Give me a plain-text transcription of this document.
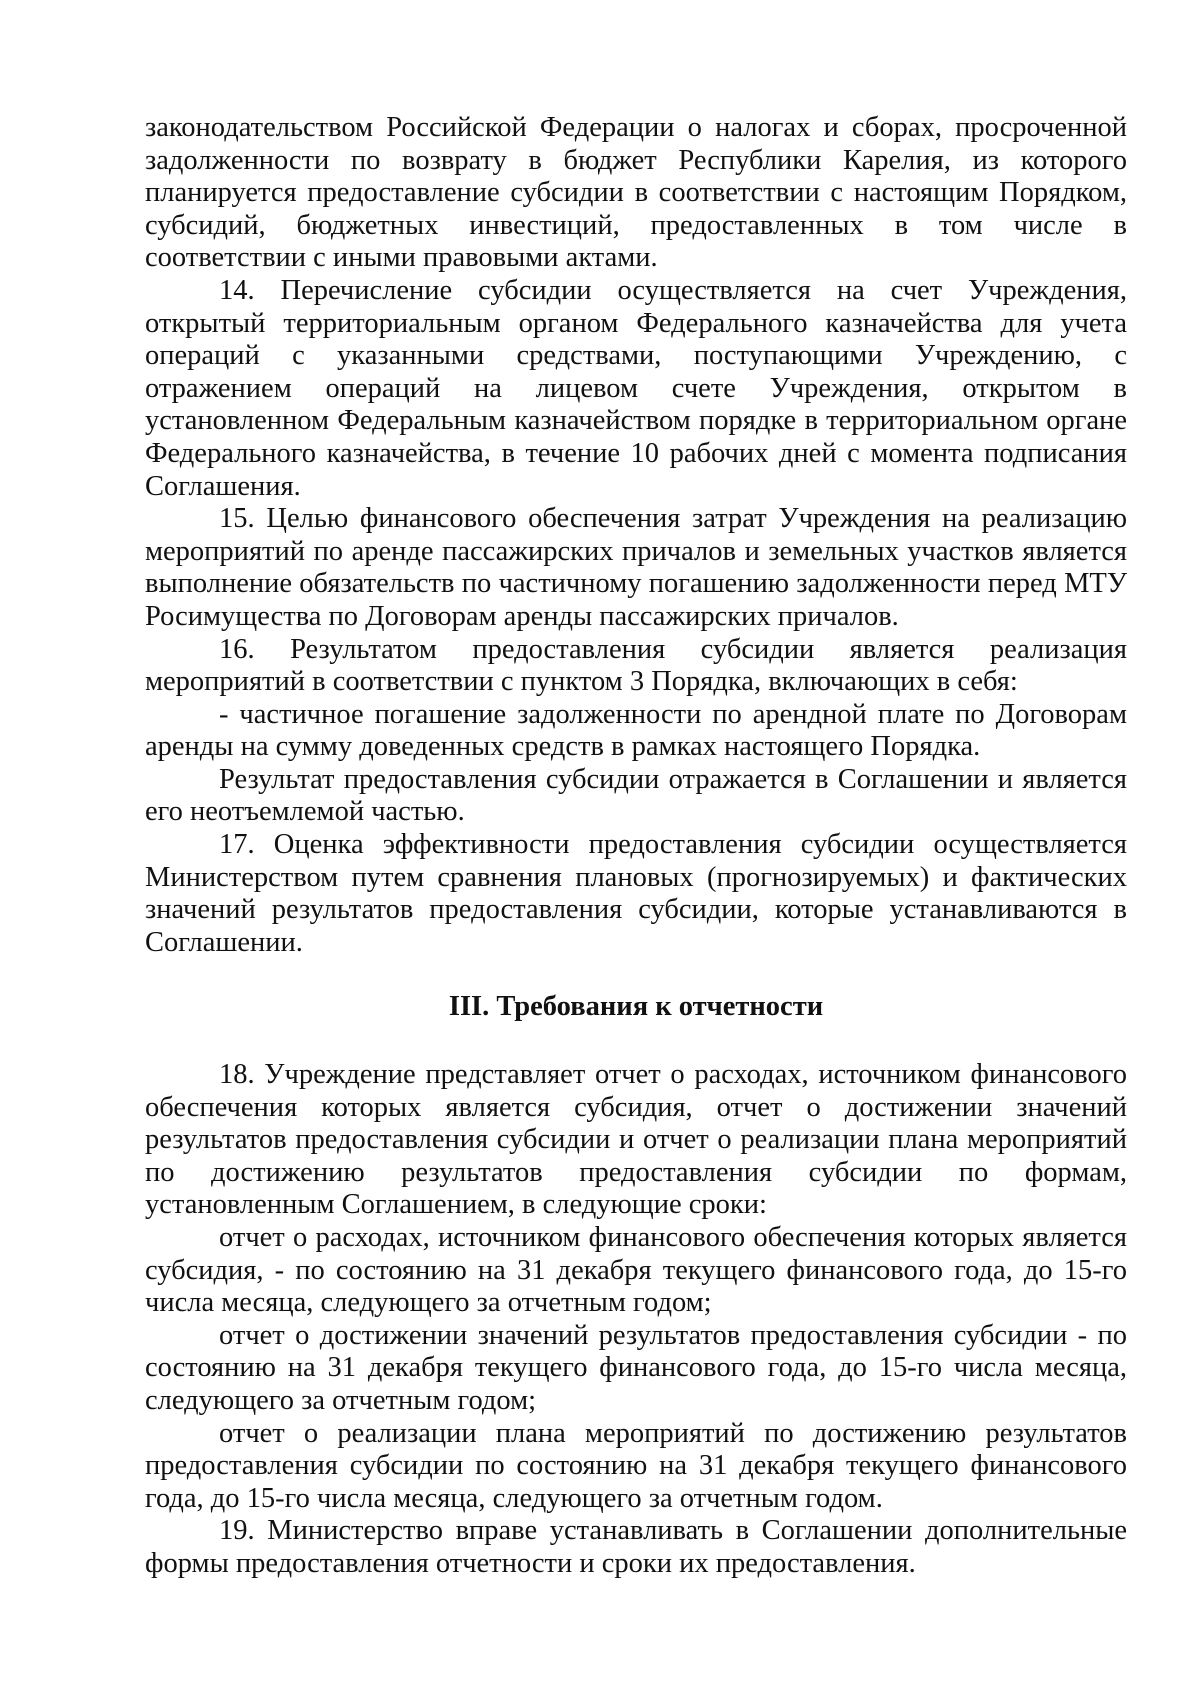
законодательством Российской Федерации о налогах и сборах, просроченной задолженности по возврату в бюджет Республики Карелия, из которого планируется предоставление субсидии в соответствии с настоящим Порядком, субсидий, бюджетных инвестиций, предоставленных в том числе в соответствии с иными правовыми актами.

14. Перечисление субсидии осуществляется на счет Учреждения, открытый территориальным органом Федерального казначейства для учета операций с указанными средствами, поступающими Учреждению, с отражением операций на лицевом счете Учреждения, открытом в установленном Федеральным казначейством порядке в территориальном органе Федерального казначейства, в течение 10 рабочих дней с момента подписания Соглашения.

15. Целью финансового обеспечения затрат Учреждения на реализацию мероприятий по аренде пассажирских причалов и земельных участков является выполнение обязательств по частичному погашению задолженности перед МТУ Росимущества по Договорам аренды пассажирских причалов.

16. Результатом предоставления субсидии является реализация мероприятий в соответствии с пунктом 3 Порядка, включающих в себя:

- частичное погашение задолженности по арендной плате по Договорам аренды на сумму доведенных средств в рамках настоящего Порядка.

Результат предоставления субсидии отражается в Соглашении и является его неотъемлемой частью.

17. Оценка эффективности предоставления субсидии осуществляется Министерством путем сравнения плановых (прогнозируемых) и фактических значений результатов предоставления субсидии, которые устанавливаются в Соглашении.

III. Требования к отчетности

18. Учреждение представляет отчет о расходах, источником финансового обеспечения которых является субсидия, отчет о достижении значений результатов предоставления субсидии и отчет о реализации плана мероприятий по достижению результатов предоставления субсидии по формам, установленным Соглашением, в следующие сроки:

отчет о расходах, источником финансового обеспечения которых является субсидия, - по состоянию на 31 декабря текущего финансового года, до 15-го числа месяца, следующего за отчетным годом;

отчет о достижении значений результатов предоставления субсидии - по состоянию на 31 декабря текущего финансового года, до 15-го числа месяца, следующего за отчетным годом;

отчет о реализации плана мероприятий по достижению результатов предоставления субсидии по состоянию на 31 декабря текущего финансового года, до 15-го числа месяца, следующего за отчетным годом.

19. Министерство вправе устанавливать в Соглашении дополнительные формы предоставления отчетности и сроки их предоставления.
